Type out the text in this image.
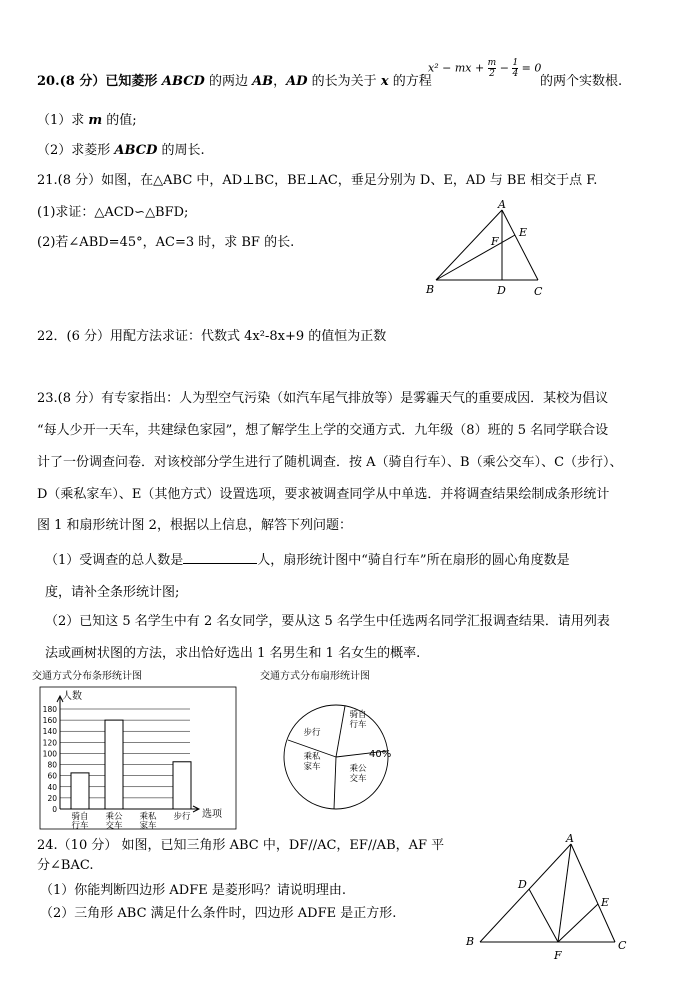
20.(8 分）已知菱形 ABCD 的两边 AB，AD 的长为关于 x 的方程
x² − mx + $\frac{m}{2} - \frac{1}{4} = 0$
的两个实数根.
（1）求 m 的值;
（2）求菱形 ABCD 的周长.
21.(8 分）如图，在△ABC 中，AD⊥BC，BE⊥AC，垂足分别为 D、E，AD 与 BE 相交于点 F.
(1)求证：△ACD∽△BFD;
(2)若∠ABD=45°，AC=3 时，求 BF 的长.
A
B	C
D
E
F
22．(6 分）用配方法求证：代数式 4x²-8x+9 的值恒为正数
23.(8 分）有专家指出：人为型空气污染（如汽车尾气排放等）是雾霾天气的重要成因．某校为倡议
“每人少开一天车，共建绿色家园”，想了解学生上学的交通方式．九年级（8）班的 5 名同学联合设
计了一份调查问卷．对该校部分学生进行了随机调查．按 A（骑自行车）、B（乘公交车）、C（步行）、
D（乘私家车）、E（其他方式）设置选项，要求被调查同学从中单选．并将调查结果绘制成条形统计
图 1 和扇形统计图 2，根据以上信息，解答下列问题：
（1）受调查的总人数是	人，扇形统计图中“骑自行车”所在扇形的圆心角度数是
度，请补全条形统计图;
（2）已知这 5 名学生中有 2 名女同学，要从这 5 名学生中任选两名同学汇报调查结果．请用列表
法或画树状图的方法，求出恰好选出 1 名男生和 1 名女生的概率.
交通方式分布条形统计图
0
20
40
60
80
100
120
140
160
180
骑自
行车
乘公
交车
乘私
家车
步行
人数
选项
交通方式分布扇形统计图
骑自
行车
乘公
交车
乘私
家车
步行
40%
24.（10 分） 如图，已知三角形 ABC 中，DF//AC，EF//AB，AF 平
分∠BAC.
（1）你能判断四边形 ADFE 是菱形吗？请说明理由.
（2）三角形 ABC 满足什么条件时，四边形 ADFE 是正方形.
A
B	C
D
E
F
